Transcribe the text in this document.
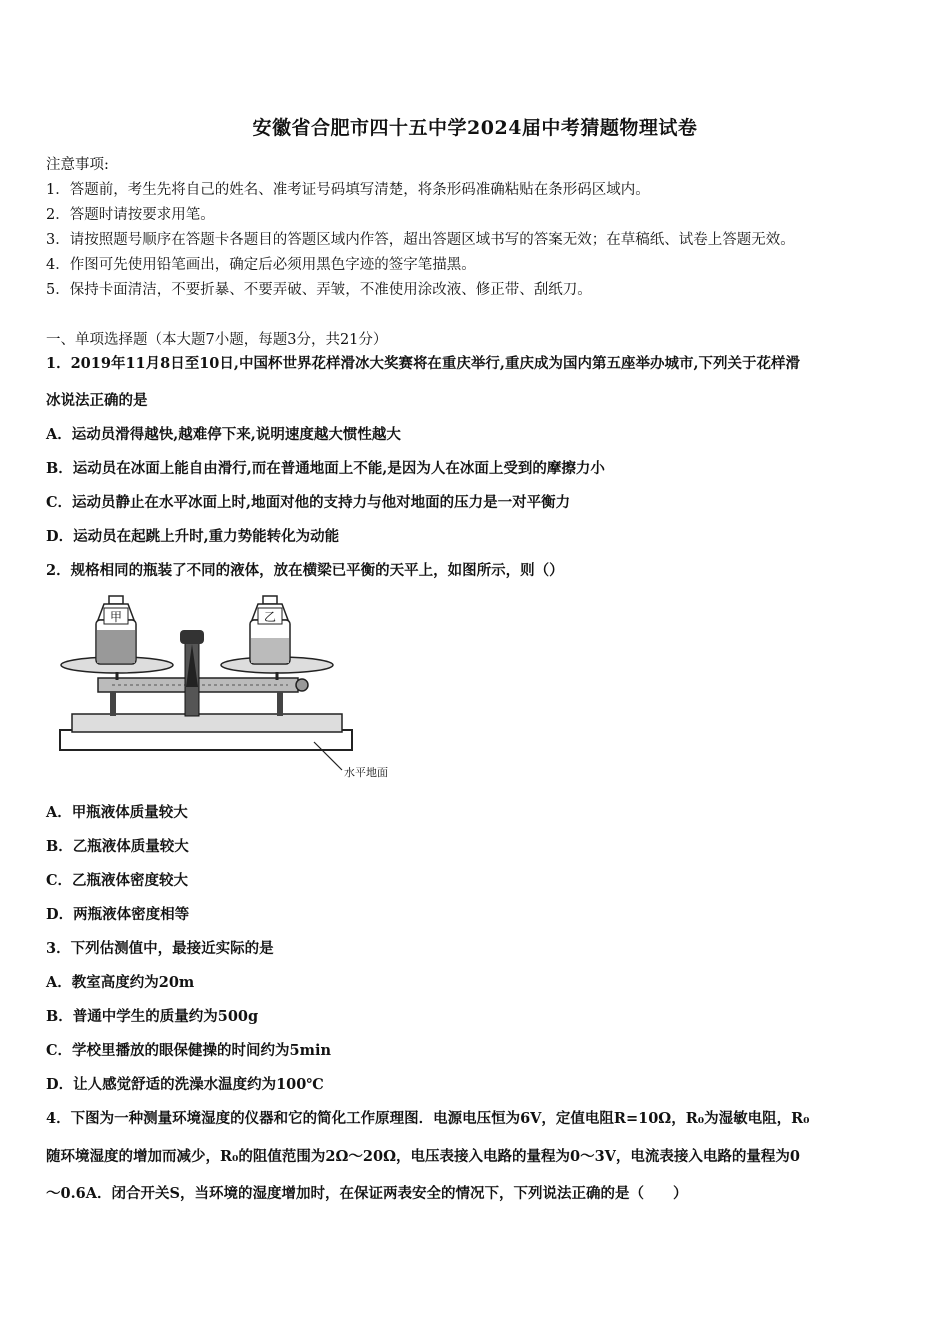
安徽省合肥市四十五中学2024届中考猜题物理试卷
注意事项:
1．答题前，考生先将自己的姓名、准考证号码填写清楚，将条形码准确粘贴在条形码区域内。
2．答题时请按要求用笔。
3．请按照题号顺序在答题卡各题目的答题区域内作答，超出答题区域书写的答案无效；在草稿纸、试卷上答题无效。
4．作图可先使用铅笔画出，确定后必须用黑色字迹的签字笔描黑。
5．保持卡面清洁，不要折暴、不要弄破、弄皱，不准使用涂改液、修正带、刮纸刀。
一、单项选择题（本大题7小题，每题3分，共21分）
1．2019年11月8日至10日,中国杯世界花样滑冰大奖赛将在重庆举行,重庆成为国内第五座举办城市,下列关于花样滑
冰说法正确的是
A．运动员滑得越快,越难停下来,说明速度越大惯性越大
B．运动员在冰面上能自由滑行,而在普通地面上不能,是因为人在冰面上受到的摩擦力小
C．运动员静止在水平冰面上时,地面对他的支持力与他对地面的压力是一对平衡力
D．运动员在起跳上升时,重力势能转化为动能
2．规格相同的瓶装了不同的液体，放在横梁已平衡的天平上，如图所示，则（）
甲	乙
水平地面
A．甲瓶液体质量较大
B．乙瓶液体质量较大
C．乙瓶液体密度较大
D．两瓶液体密度相等
3．下列估测值中，最接近实际的是
A．教室高度约为20m
B．普通中学生的质量约为500g
C．学校里播放的眼保健操的时间约为5min
D．让人感觉舒适的洗澡水温度约为100℃
4．下图为一种测量环境湿度的仪器和它的简化工作原理图．电源电压恒为6V，定值电阻R=10Ω，R₀为湿敏电阻，R₀
随环境湿度的增加而减少，R₀的阻值范围为2Ω～20Ω，电压表接入电路的量程为0～3V，电流表接入电路的量程为0
～0.6A．闭合开关S，当环境的湿度增加时，在保证两表安全的情况下，下列说法正确的是（　　）
